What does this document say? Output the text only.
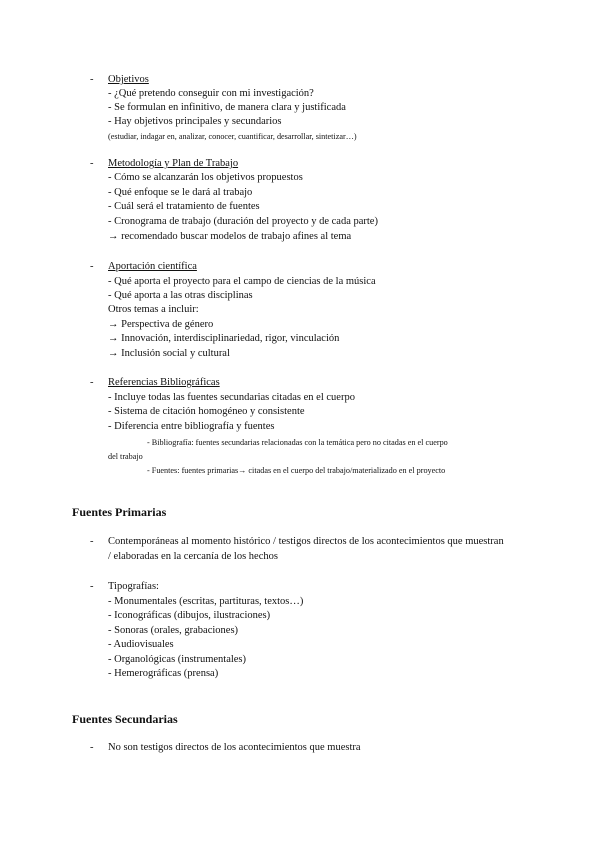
- Objetivos
- ¿Qué pretendo conseguir con mi investigación?
- Se formulan en infinitivo, de manera clara y justificada
- Hay objetivos principales y secundarios
(estudiar, indagar en, analizar, conocer, cuantificar, desarrollar, sintetizar…)
- Metodología y Plan de Trabajo
- Cómo se alcanzarán los objetivos propuestos
- Qué enfoque se le dará al trabajo
- Cuál será el tratamiento de fuentes
- Cronograma de trabajo (duración del proyecto y de cada parte)
→ recomendado buscar modelos de trabajo afines al tema
- Aportación científica
- Qué aporta el proyecto para el campo de ciencias de la música
- Qué aporta a las otras disciplinas
Otros temas a incluir:
→ Perspectiva de género
→ Innovación, interdisciplinariedad, rigor, vinculación
→ Inclusión social y cultural
- Referencias Bibliográficas
- Incluye todas las fuentes secundarias citadas en el cuerpo
- Sistema de citación homogéneo y consistente
- Diferencia entre bibliografía y fuentes
- Bibliografía: fuentes secundarias relacionadas con la temática pero no citadas en el cuerpo
del trabajo
- Fuentes: fuentes primarias→ citadas en el cuerpo del trabajo/materializado en el proyecto
Fuentes Primarias
- Contemporáneas al momento histórico / testigos directos de los acontecimientos que muestran
/ elaboradas en la cercanía de los hechos
- Tipografías:
- Monumentales (escritas, partituras, textos…)
- Iconográficas (dibujos, ilustraciones)
- Sonoras (orales, grabaciones)
- Audiovisuales
- Organológicas (instrumentales)
- Hemerográficas (prensa)
Fuentes Secundarias
- No son testigos directos de los acontecimientos que muestra
